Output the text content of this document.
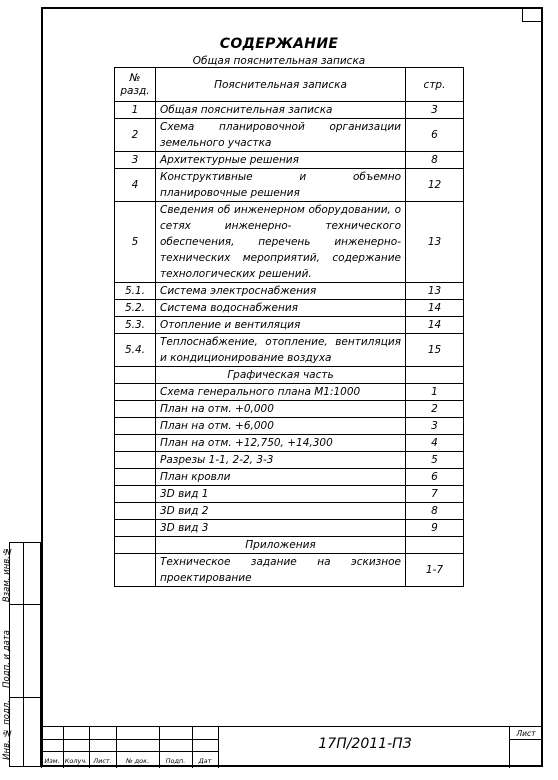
СОДЕРЖАНИЕ
Общая пояснительная записка
№ разд.	Пояснительная записка	стр.
1	Общая пояснительная записка	3
2	Схема планировочной организации земельного участка	6
3	Архитектурные решения	8
4	Конструктивные и объемно планировочные решения	12
5	Сведения об инженерном оборудовании, о сетях инженерно- технического обеспечения, перечень инженерно-технических мероприятий, содержание технологических решений.	13
5.1.	Система электроснабжения	13
5.2.	Система водоснабжения	14
5.3.	Отопление и вентиляция	14
5.4.	Теплоснабжение, отопление, вентиляция и кондиционирование воздуха	15
	Графическая часть	
	Схема генерального плана М1:1000	1
	План на отм. +0,000	2
	План на отм. +6,000	3
	План на отм. +12,750, +14,300	4
	Разрезы 1-1, 2-2, 3-3	5
	План кровли	6
	3D вид 1	7
	3D вид 2	8
	3D вид 3	9
	Приложения	
	Техническое задание на эскизное проектирование	1-7
Взам. инв.№
Подп. и дата
Инв. № подл.
Изм. Колуч. Лист.	№ док.	Подп.	Дат
Лист
17П/2011-ПЗ
